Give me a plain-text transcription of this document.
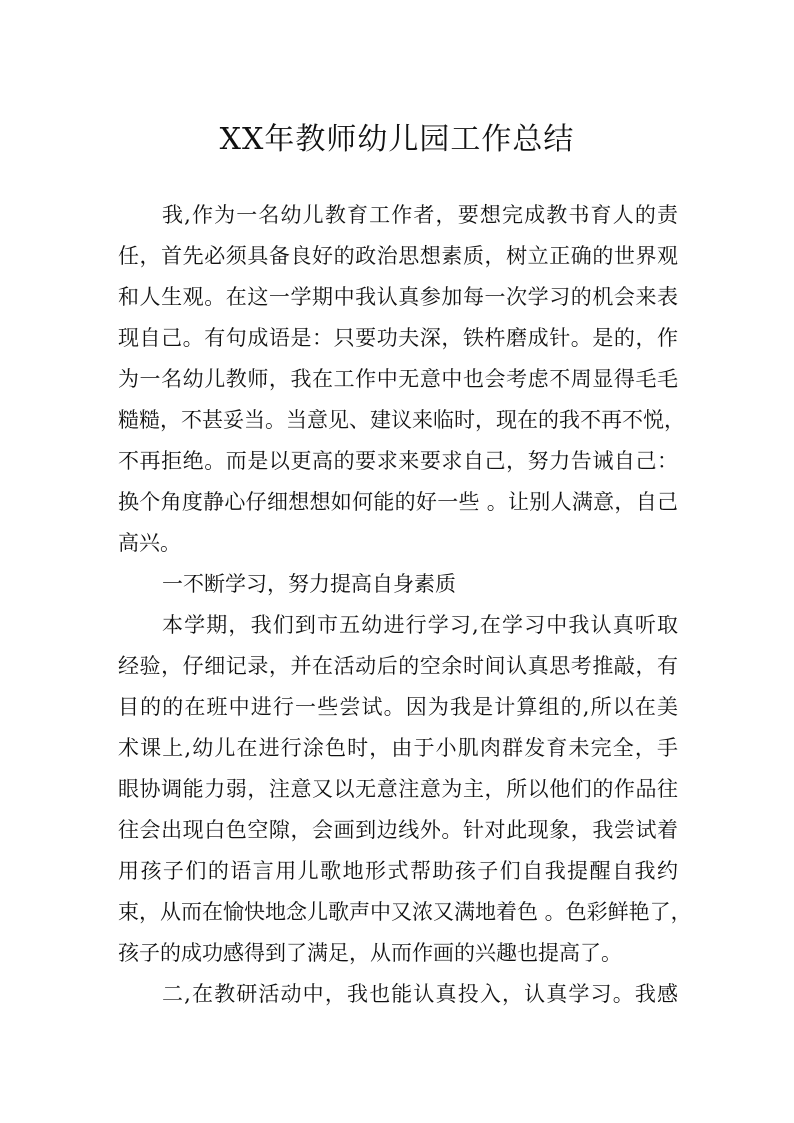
XX年教师幼儿园工作总结
我,作为一名幼儿教育工作者，要想完成教书育人的责
任，首先必须具备良好的政治思想素质，树立正确的世界观
和人生观。在这一学期中我认真参加每一次学习的机会来表
现自己。有句成语是：只要功夫深，铁杵磨成针。是的，作
为一名幼儿教师，我在工作中无意中也会考虑不周显得毛毛
糙糙，不甚妥当。当意见、建议来临时，现在的我不再不悦，
不再拒绝。而是以更高的要求来要求自己，努力告诫自己：
换个角度静心仔细想想如何能的好一些 。让别人满意，自己
高兴。
一不断学习，努力提高自身素质
本学期，我们到市五幼进行学习,在学习中我认真听取
经验，仔细记录，并在活动后的空余时间认真思考推敲，有
目的的在班中进行一些尝试。因为我是计算组的,所以在美
术课上,幼儿在进行涂色时，由于小肌肉群发育未完全，手
眼协调能力弱，注意又以无意注意为主，所以他们的作品往
往会出现白色空隙，会画到边线外。针对此现象，我尝试着
用孩子们的语言用儿歌地形式帮助孩子们自我提醒自我约
束，从而在愉快地念儿歌声中又浓又满地着色 。色彩鲜艳了，
孩子的成功感得到了满足，从而作画的兴趣也提高了。
二,在教研活动中，我也能认真投入，认真学习。我感
